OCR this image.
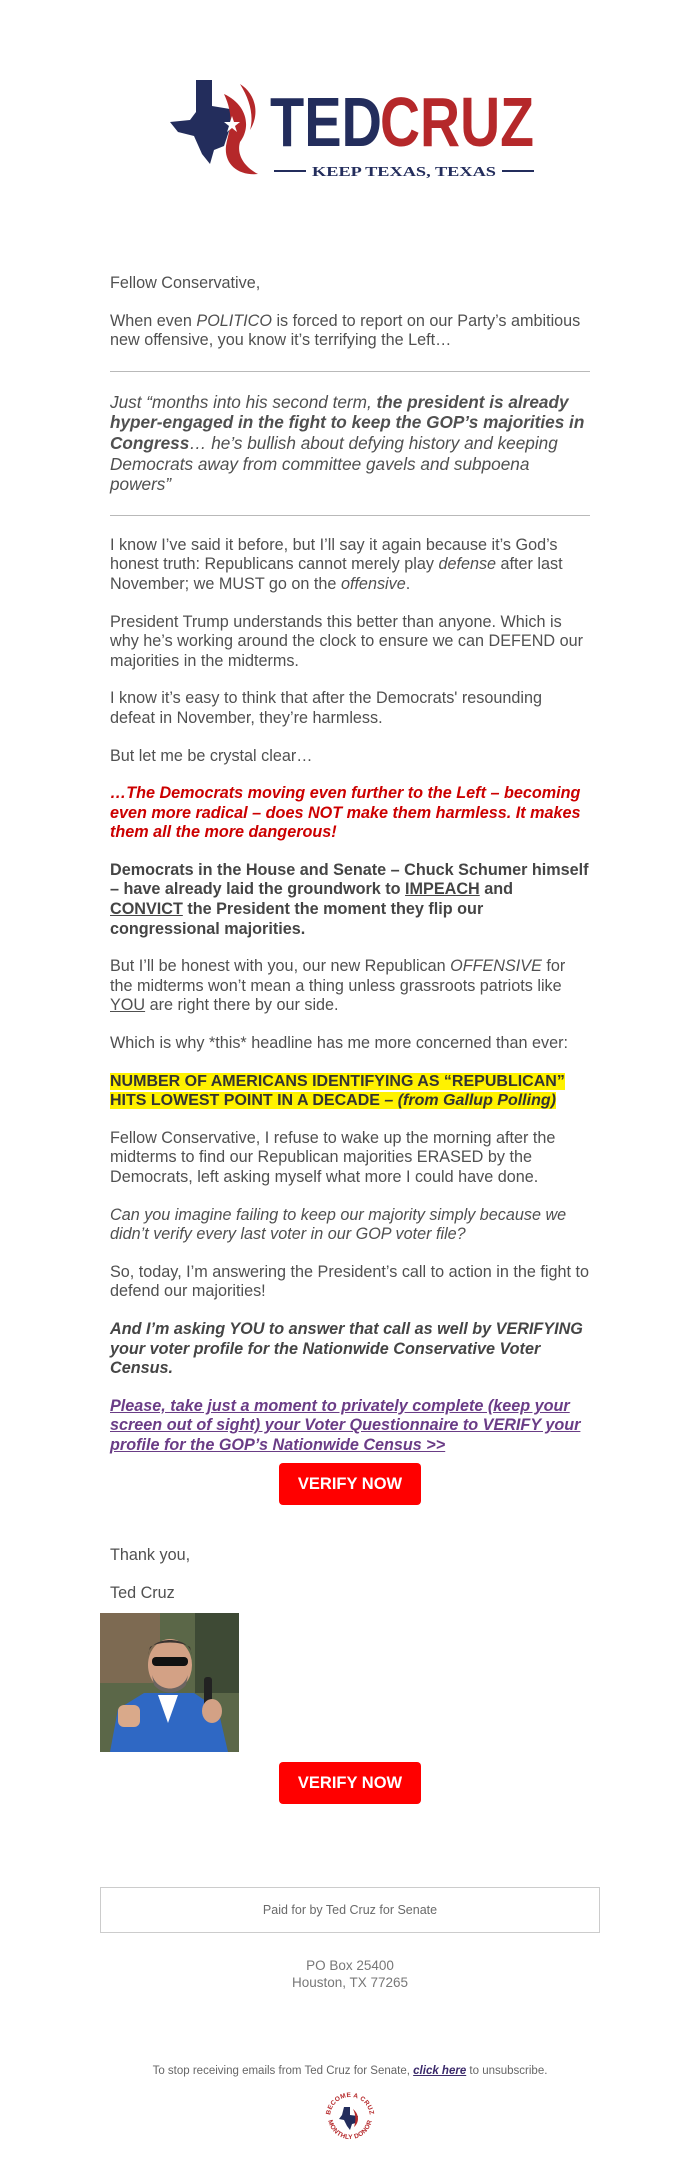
TED
CRUZ
KEEP TEXAS, TEXAS

Fellow Conservative,

When even POLITICO is forced to report on our Party’s ambitious new offensive, you know it’s terrifying the Left…

Just “months into his second term, the president is already hyper-engaged in the fight to keep the GOP’s majorities in Congress… he’s bullish about defying history and keeping Democrats away from committee gavels and subpoena powers”

I know I’ve said it before, but I’ll say it again because it’s God’s honest truth: Republicans cannot merely play defense after last November; we MUST go on the offensive.

President Trump understands this better than anyone. Which is why he’s working around the clock to ensure we can DEFEND our majorities in the midterms.

I know it’s easy to think that after the Democrats' resounding defeat in November, they’re harmless.

But let me be crystal clear…

…The Democrats moving even further to the Left – becoming even more radical – does NOT make them harmless. It makes them all the more dangerous!

Democrats in the House and Senate – Chuck Schumer himself – have already laid the groundwork to IMPEACH and CONVICT the President the moment they flip our congressional majorities.

But I’ll be honest with you, our new Republican OFFENSIVE for the midterms won’t mean a thing unless grassroots patriots like YOU are right there by our side.

Which is why *this* headline has me more concerned than ever:

NUMBER OF AMERICANS IDENTIFYING AS “REPUBLICAN” HITS LOWEST POINT IN A DECADE – (from Gallup Polling)

Fellow Conservative, I refuse to wake up the morning after the midterms to find our Republican majorities ERASED by the Democrats, left asking myself what more I could have done.

Can you imagine failing to keep our majority simply because we didn’t verify every last voter in our GOP voter file?

So, today, I’m answering the President’s call to action in the fight to defend our majorities!

And I’m asking YOU to answer that call as well by VERIFYING your voter profile for the Nationwide Conservative Voter Census.

Please, take just a moment to privately complete (keep your screen out of sight) your Voter Questionnaire to VERIFY your profile for the GOP’s Nationwide Census >>

VERIFY NOW
Thank you,
Ted Cruz
VERIFY NOW
Paid for by Ted Cruz for Senate
PO Box 25400
Houston, TX 77265
To stop receiving emails from Ted Cruz for Senate, click here to unsubscribe.
BECOME A CRUZ
MONTHLY DONOR
